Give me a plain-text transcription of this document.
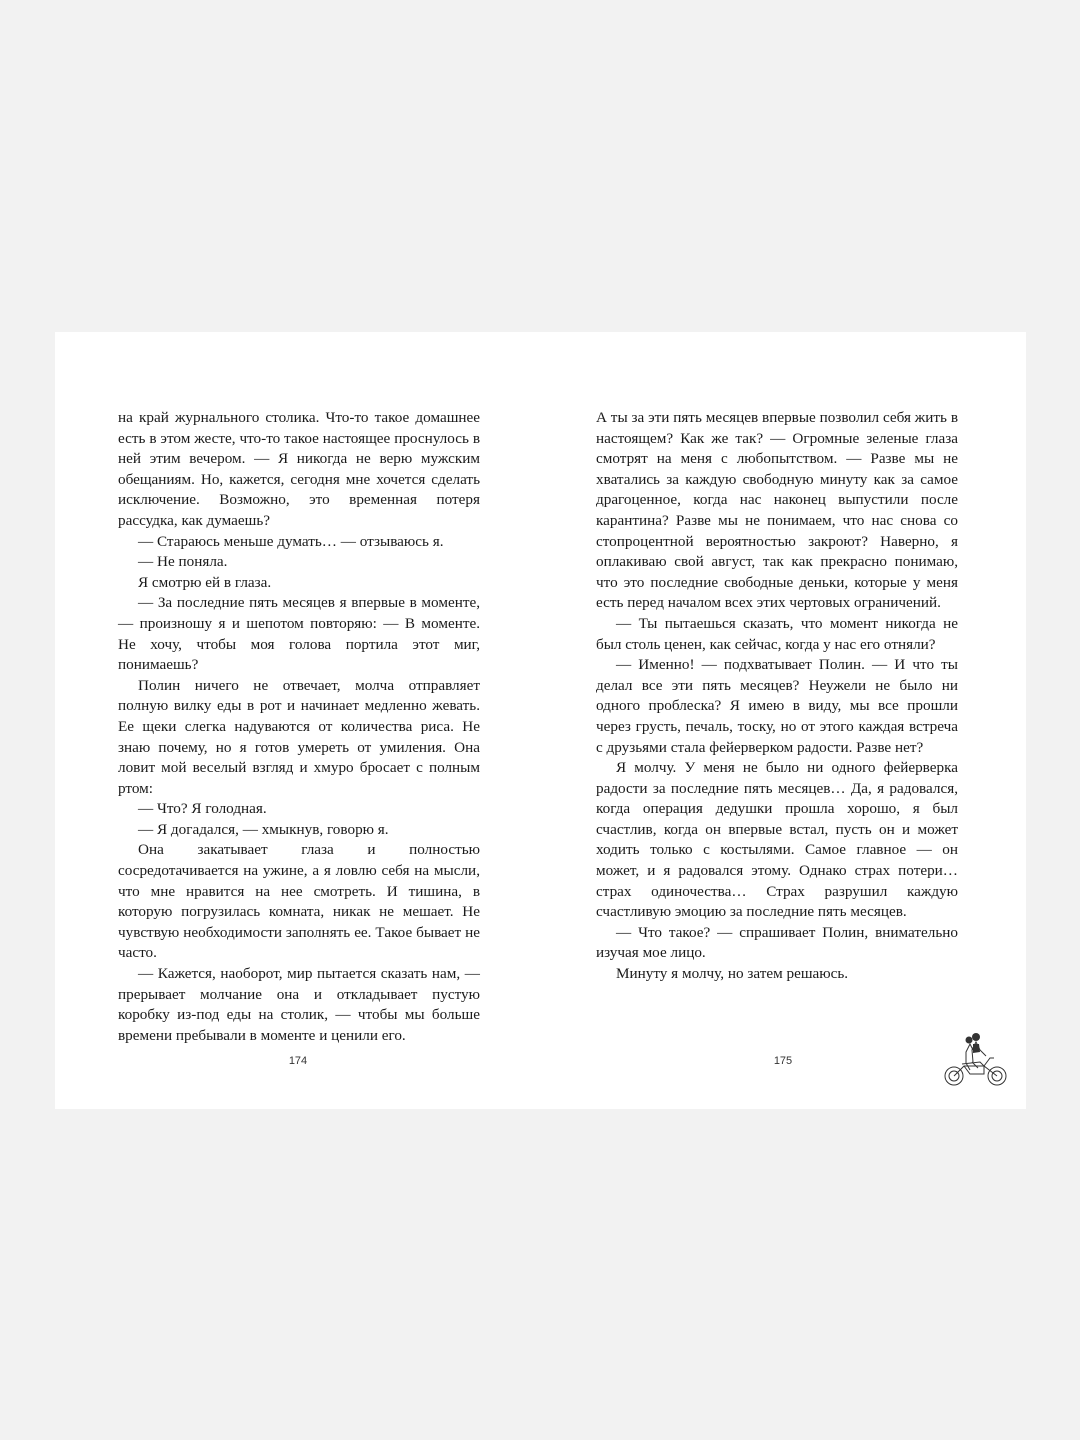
на край журнального столика. Что-то такое домашнее есть в этом жесте, что-то такое настоящее проснулось в ней этим вечером. — Я никогда не верю мужским обещаниям. Но, кажется, сегодня мне хочется сделать исключение. Возможно, это временная потеря рассудка, как думаешь?

— Стараюсь меньше думать… — отзываюсь я.

— Не поняла.

Я смотрю ей в глаза.

— За последние пять месяцев я впервые в моменте, — произношу я и шепотом повторяю: — В моменте. Не хочу, чтобы моя голова портила этот миг, понимаешь?

Полин ничего не отвечает, молча отправляет полную вилку еды в рот и начинает медленно жевать. Ее щеки слегка надуваются от количества риса. Не знаю почему, но я готов умереть от умиления. Она ловит мой веселый взгляд и хмуро бросает с полным ртом:

— Что? Я голодная.

— Я догадался, — хмыкнув, говорю я.

Она закатывает глаза и полностью сосредотачивается на ужине, а я ловлю себя на мысли, что мне нравится на нее смотреть. И тишина, в которую погрузилась комната, никак не мешает. Не чувствую необходимости заполнять ее. Такое бывает не часто.

— Кажется, наоборот, мир пытается сказать нам, — прерывает молчание она и откладывает пустую коробку из-под еды на столик, — чтобы мы больше времени пребывали в моменте и ценили его.

174

А ты за эти пять месяцев впервые позволил себя жить в настоящем? Как же так? — Огромные зеленые глаза смотрят на меня с любопытством. — Разве мы не хватались за каждую свободную минуту как за самое драгоценное, когда нас наконец выпустили после карантина? Разве мы не понимаем, что нас снова со стопроцентной вероятностью закроют? Наверно, я оплакиваю свой август, так как прекрасно понимаю, что это последние свободные деньки, которые у меня есть перед началом всех этих чертовых ограничений.

— Ты пытаешься сказать, что момент никогда не был столь ценен, как сейчас, когда у нас его отняли?

— Именно! — подхватывает Полин. — И что ты делал все эти пять месяцев? Неужели не было ни одного проблеска? Я имею в виду, мы все прошли через грусть, печаль, тоску, но от этого каждая встреча с друзьями стала фейерверком радости. Разве нет?

Я молчу. У меня не было ни одного фейерверка радости за последние пять месяцев… Да, я радовался, когда операция дедушки прошла хорошо, я был счастлив, когда он впервые встал, пусть он и может ходить только с костылями. Самое главное — он может, и я радовался этому. Однако страх потери… страх одиночества… Страх разрушил каждую счастливую эмоцию за последние пять месяцев.

— Что такое? — спрашивает Полин, внимательно изучая мое лицо.

Минуту я молчу, но затем решаюсь.

175
